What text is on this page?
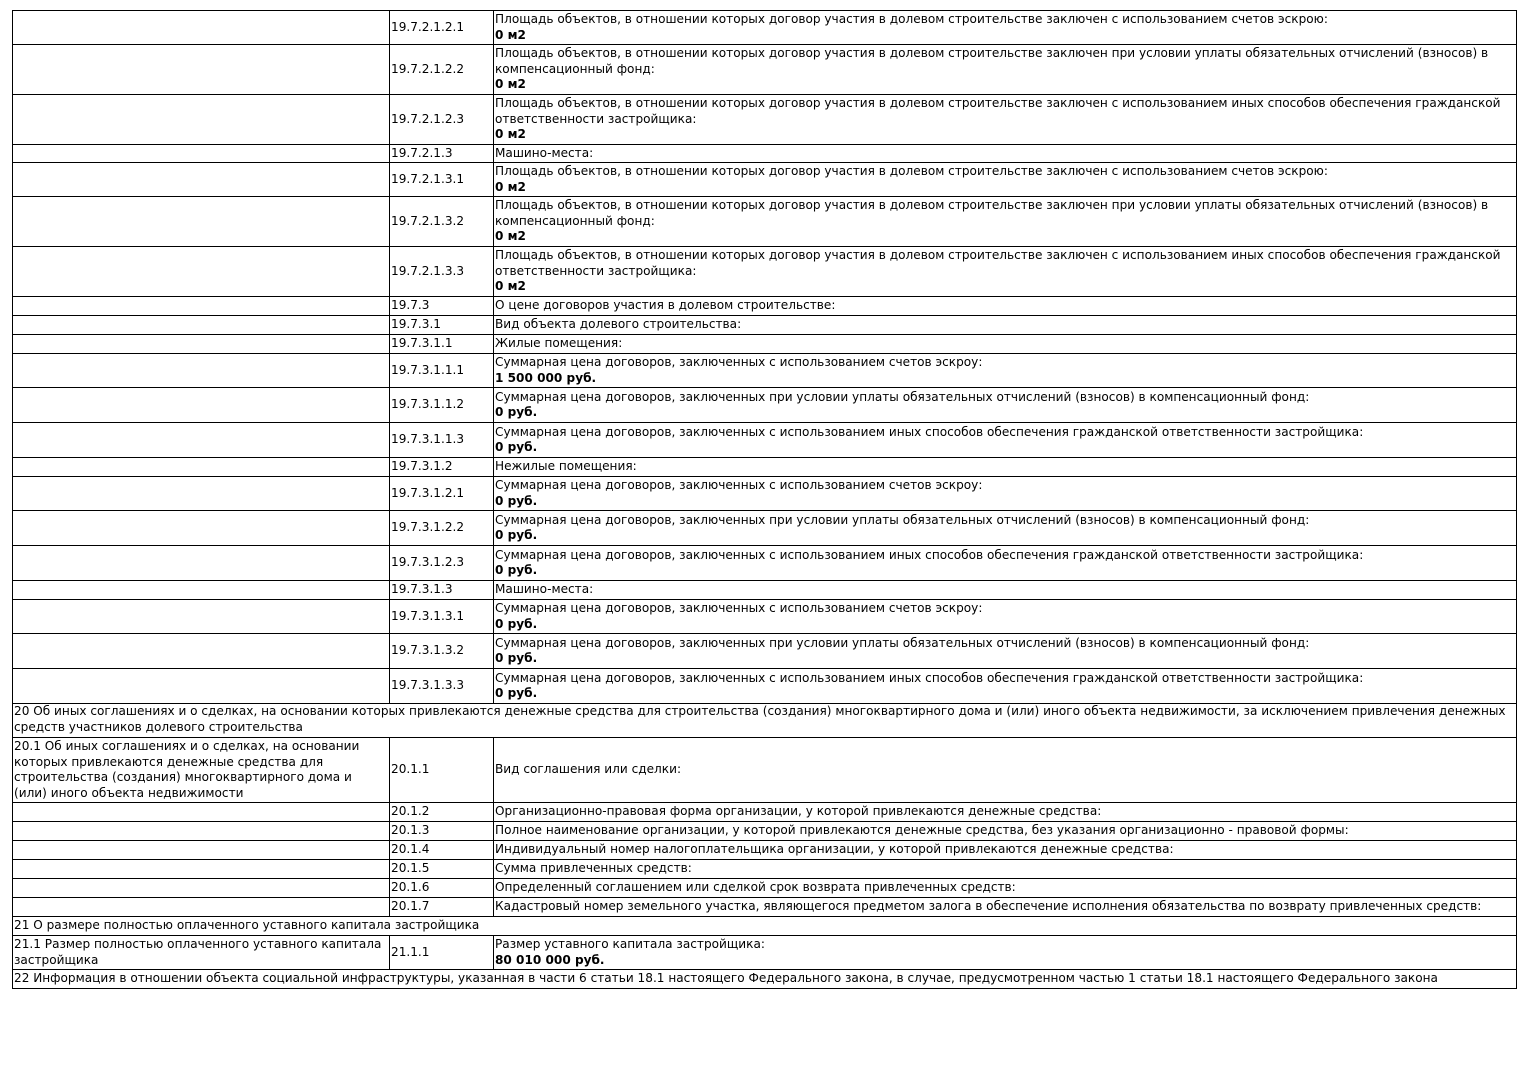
	19.7.2.1.2.1	Площадь объектов, в отношении которых договор участия в долевом строительстве заключен с использованием счетов эскрою:
0 м2

	19.7.2.1.2.2	Площадь объектов, в отношении которых договор участия в долевом строительстве заключен при условии уплаты обязательных отчислений (взносов) в компенсационный фонд:
0 м2

	19.7.2.1.2.3	Площадь объектов, в отношении которых договор участия в долевом строительстве заключен с использованием иных способов обеспечения гражданской ответственности застройщика:
0 м2

	19.7.2.1.3	Машино-места:
	19.7.2.1.3.1	Площадь объектов, в отношении которых договор участия в долевом строительстве заключен с использованием счетов эскрою:
0 м2

	19.7.2.1.3.2	Площадь объектов, в отношении которых договор участия в долевом строительстве заключен при условии уплаты обязательных отчислений (взносов) в компенсационный фонд:
0 м2

	19.7.2.1.3.3	Площадь объектов, в отношении которых договор участия в долевом строительстве заключен с использованием иных способов обеспечения гражданской ответственности застройщика:
0 м2

	19.7.3	О цене договоров участия в долевом строительстве:
	19.7.3.1	Вид объекта долевого строительства:
	19.7.3.1.1	Жилые помещения:
	19.7.3.1.1.1	Суммарная цена договоров, заключенных с использованием счетов эскроу:
1 500 000 руб.

	19.7.3.1.1.2	Суммарная цена договоров, заключенных при условии уплаты обязательных отчислений (взносов) в компенсационный фонд:
0 руб.

	19.7.3.1.1.3	Суммарная цена договоров, заключенных с использованием иных способов обеспечения гражданской ответственности застройщика:
0 руб.

	19.7.3.1.2	Нежилые помещения:
	19.7.3.1.2.1	Суммарная цена договоров, заключенных с использованием счетов эскроу:
0 руб.

	19.7.3.1.2.2	Суммарная цена договоров, заключенных при условии уплаты обязательных отчислений (взносов) в компенсационный фонд:
0 руб.

	19.7.3.1.2.3	Суммарная цена договоров, заключенных с использованием иных способов обеспечения гражданской ответственности застройщика:
0 руб.

	19.7.3.1.3	Машино-места:
	19.7.3.1.3.1	Суммарная цена договоров, заключенных с использованием счетов эскроу:
0 руб.

	19.7.3.1.3.2	Суммарная цена договоров, заключенных при условии уплаты обязательных отчислений (взносов) в компенсационный фонд:
0 руб.

	19.7.3.1.3.3	Суммарная цена договоров, заключенных с использованием иных способов обеспечения гражданской ответственности застройщика:
0 руб.

20 Об иных соглашениях и о сделках, на основании которых привлекаются денежные средства для строительства (создания) многоквартирного дома и (или) иного объекта недвижимости, за исключением привлечения денежных средств участников долевого строительства		
20.1 Об иных соглашениях и о сделках, на основании которых привлекаются денежные средства для строительства (создания) многоквартирного дома и (или) иного объекта недвижимости	20.1.1	Вид соглашения или сделки:
	20.1.2	Организационно-правовая форма организации, у которой привлекаются денежные средства:
	20.1.3	Полное наименование организации, у которой привлекаются денежные средства, без указания организационно - правовой формы:
	20.1.4	Индивидуальный номер налогоплательщика организации, у которой привлекаются денежные средства:
	20.1.5	Сумма привлеченных средств:
	20.1.6	Определенный соглашением или сделкой срок возврата привлеченных средств:
	20.1.7	Кадастровый номер земельного участка, являющегося предметом залога в обеспечение исполнения обязательства по возврату привлеченных средств:
21 О размере полностью оплаченного уставного капитала застройщика		
21.1 Размер полностью оплаченного уставного капитала застройщика	21.1.1	Размер уставного капитала застройщика:
80 010 000 руб.

22 Информация в отношении объекта социальной инфраструктуры, указанная в части 6 статьи 18.1 настоящего Федерального закона, в случае, предусмотренном частью 1 статьи 18.1 настоящего Федерального закона		
